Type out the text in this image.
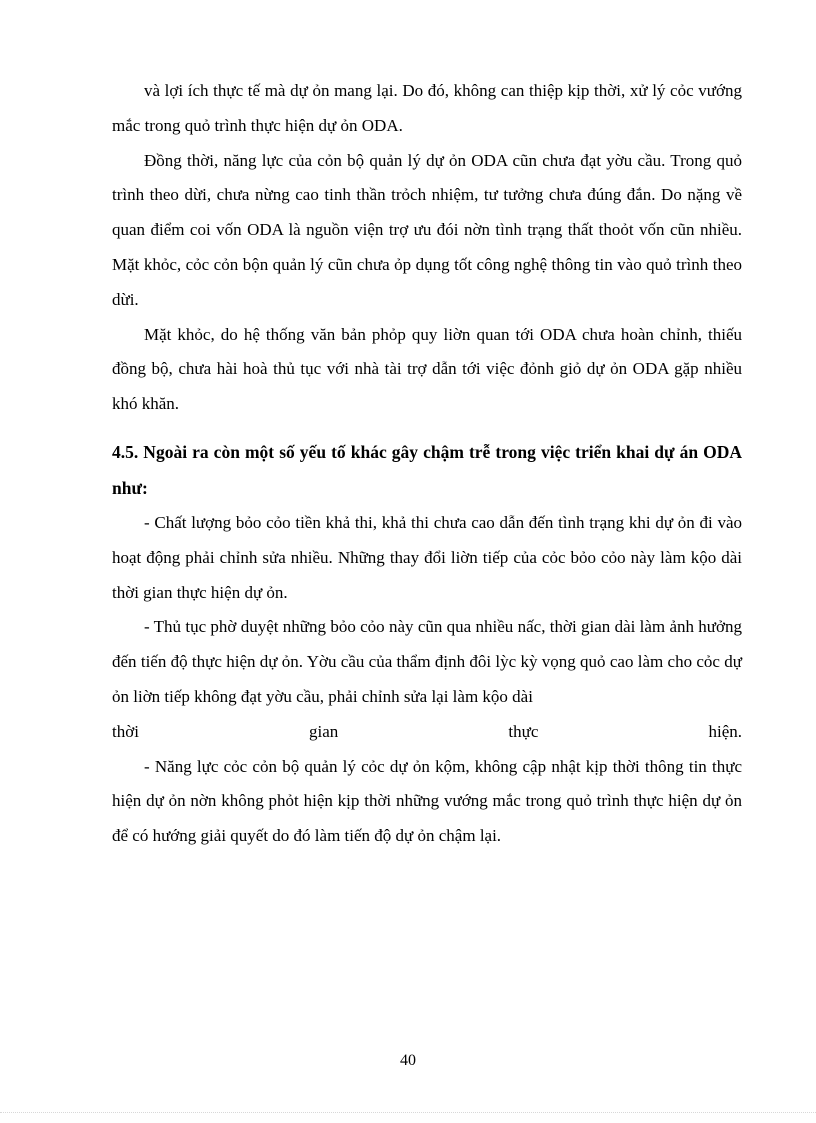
và lợi ích thực tế mà dự ỏn mang lại. Do đó, không can thiệp kịp thời, xử lý cỏc vướng mắc trong quỏ trình thực hiện dự ỏn ODA.

Đồng thời, năng lực của cỏn bộ quản lý dự ỏn ODA cũn chưa đạt yờu cầu. Trong quỏ trình theo dừi, chưa nừng cao tinh thần trỏch nhiệm, tư tưởng chưa đúng đắn. Do nặng về quan điểm coi vốn ODA là nguồn viện trợ ưu đói nờn tình trạng thất thoỏt vốn cũn nhiều. Mặt khỏc, cỏc cỏn bộn quản lý cũn chưa ỏp dụng tốt công nghệ thông tin vào quỏ trình theo dừi.

Mặt khỏc, do hệ thống văn bản phỏp quy liờn quan tới ODA chưa hoàn chỉnh, thiếu đồng bộ, chưa hài hoà thủ tục với nhà tài trợ dẫn tới việc đỏnh giỏ dự ỏn ODA gặp nhiều khó khăn.

4.5. Ngoài ra còn một số yếu tố khác gây chậm trễ trong việc triển khai dự án ODA như:

- Chất lượng bỏo cỏo tiền khả thi, khả thi chưa cao dẫn đến tình trạng khi dự ỏn đi vào hoạt động phải chỉnh sửa nhiều. Những thay đổi liờn tiếp của cỏc bỏo cỏo này làm kộo dài thời gian thực hiện dự ỏn.

- Thủ tục phờ duyệt những bỏo cỏo này cũn qua nhiều nấc, thời gian dài làm ảnh hưởng đến tiến độ thực hiện dự ỏn. Yờu cầu của thẩm định đôi lỳc kỳ vọng quỏ cao làm cho cỏc dự ỏn liờn tiếp không đạt yờu cầu, phải chỉnh sửa lại làm kộo dài

thời gian thực hiện.

- Năng lực cỏc cỏn bộ quản lý cỏc dự ỏn kộm, không cập nhật kịp thời thông tin thực hiện dự ỏn nờn không phỏt hiện kịp thời những vướng mắc trong quỏ trình thực hiện dự ỏn để có hướng giải quyết do đó làm tiến độ dự ỏn chậm lại.

40
